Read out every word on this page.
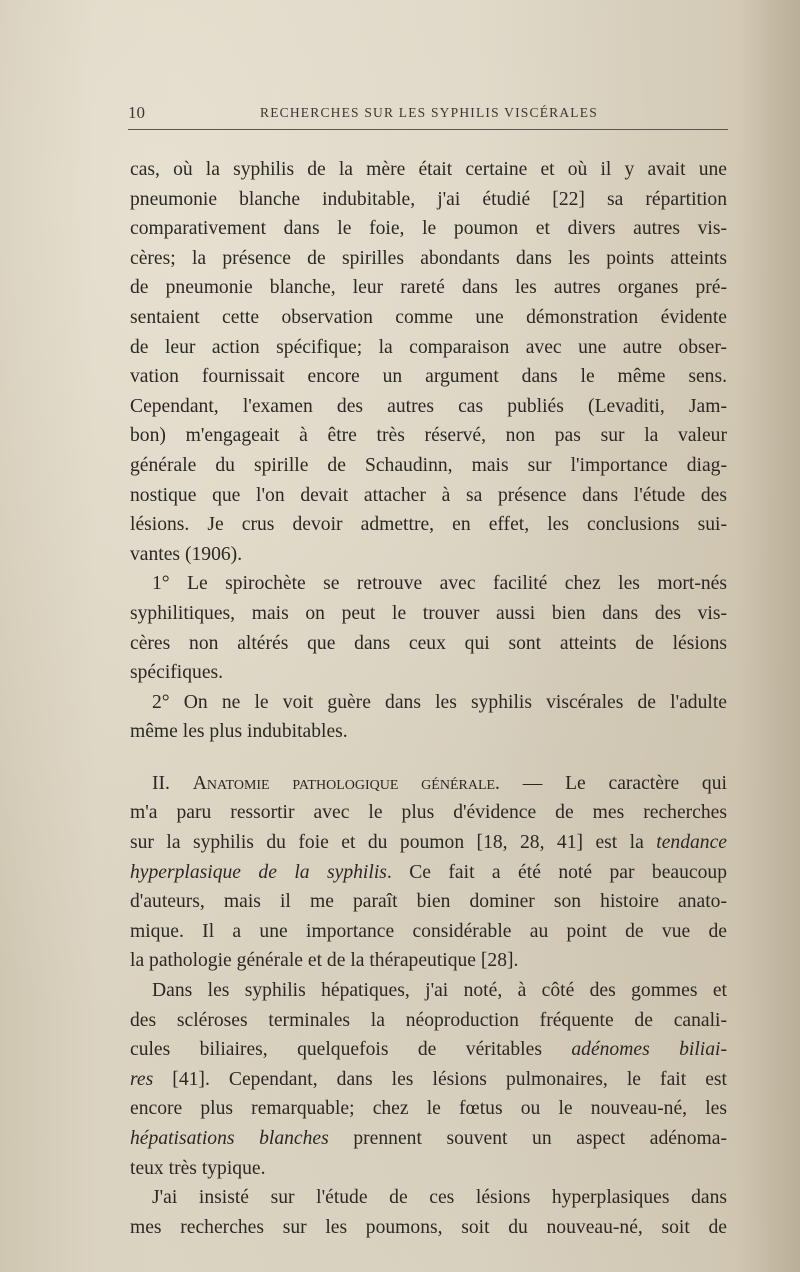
10	RECHERCHES SUR LES SYPHILIS VISCÉRALES
cas, où la syphilis de la mère était certaine et où il y avait une
pneumonie blanche indubitable, j'ai étudié [22] sa répartition
comparativement dans le foie, le poumon et divers autres vis-
cères; la présence de spirilles abondants dans les points atteints
de pneumonie blanche, leur rareté dans les autres organes pré-
sentaient cette observation comme une démonstration évidente
de leur action spécifique; la comparaison avec une autre obser-
vation fournissait encore un argument dans le même sens.
Cependant, l'examen des autres cas publiés (Levaditi, Jam-
bon) m'engageait à être très réservé, non pas sur la valeur
générale du spirille de Schaudinn, mais sur l'importance diag-
nostique que l'on devait attacher à sa présence dans l'étude des
lésions. Je crus devoir admettre, en effet, les conclusions sui-
vantes (1906).
1° Le spirochète se retrouve avec facilité chez les mort-nés
syphilitiques, mais on peut le trouver aussi bien dans des vis-
cères non altérés que dans ceux qui sont atteints de lésions
spécifiques.
2° On ne le voit guère dans les syphilis viscérales de l'adulte
même les plus indubitables.
II. Anatomie pathologique générale. — Le caractère qui
m'a paru ressortir avec le plus d'évidence de mes recherches
sur la syphilis du foie et du poumon [18, 28, 41] est la tendance
hyperplasique de la syphilis. Ce fait a été noté par beaucoup
d'auteurs, mais il me paraît bien dominer son histoire anato-
mique. Il a une importance considérable au point de vue de
la pathologie générale et de la thérapeutique [28].
Dans les syphilis hépatiques, j'ai noté, à côté des gommes et
des scléroses terminales la néoproduction fréquente de canali-
cules biliaires, quelquefois de véritables adénomes biliai-
res [41]. Cependant, dans les lésions pulmonaires, le fait est
encore plus remarquable; chez le fœtus ou le nouveau-né, les
hépatisations blanches prennent souvent un aspect adénoma-
teux très typique.
J'ai insisté sur l'étude de ces lésions hyperplasiques dans
mes recherches sur les poumons, soit du nouveau-né, soit de
